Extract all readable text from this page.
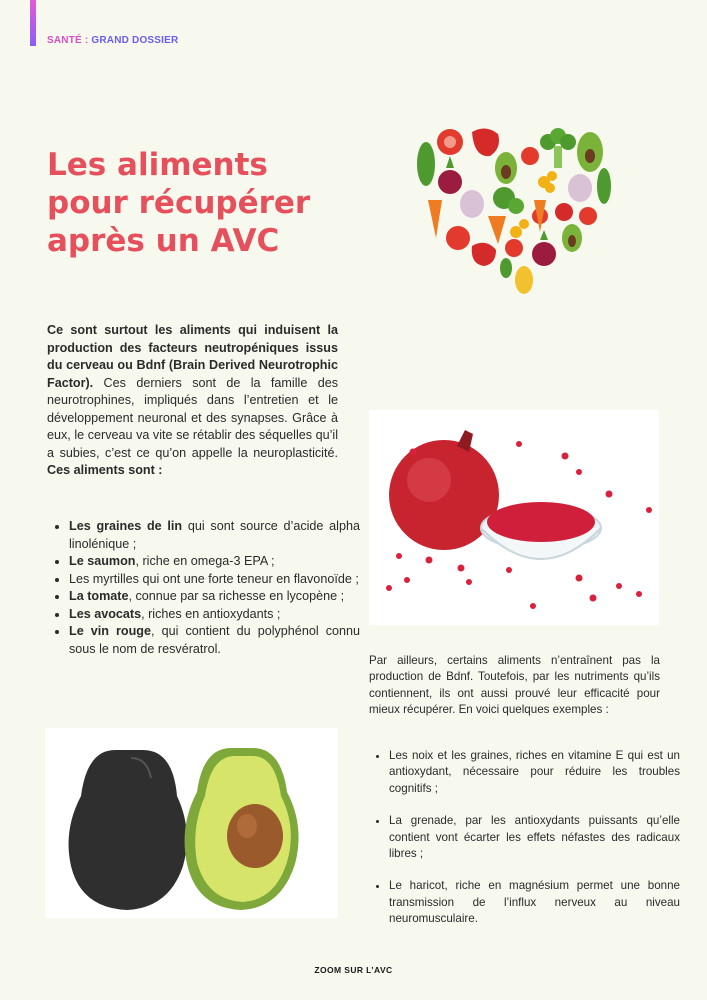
SANTÉ : GRAND DOSSIER
Les aliments
pour récupérer
après un AVC

Ce sont surtout les aliments qui induisent la production des facteurs neutropéniques issus du cerveau ou Bdnf (Brain Derived Neurotrophic Factor). Ces derniers sont de la famille des neurotrophines, impliqués dans l’entretien et le développement neuronal et des synapses. Grâce à eux, le cerveau va vite se rétablir des séquelles qu’il a subies, c’est ce qu’on appelle la neuroplasticité. Ces aliments sont :

• Les graines de lin qui sont source d’acide alpha linolénique ;
• Le saumon, riche en omega-3 EPA ;
• Les myrtilles qui ont une forte teneur en flavonoïde ;
• La tomate, connue par sa richesse en lycopène ;
• Les avocats, riches en antioxydants ;
• Le vin rouge, qui contient du polyphénol connu sous le nom de resvératrol.

Par ailleurs, certains aliments n’entraînent pas la production de Bdnf. Toutefois, par les nutriments qu’ils contiennent, ils ont aussi prouvé leur efficacité pour mieux récupérer. En voici quelques exemples :

• Les noix et les graines, riches en vitamine E qui est un antioxydant, nécessaire pour réduire les troubles cognitifs ;
• La grenade, par les antioxydants puissants qu’elle contient vont écarter les effets néfastes des radicaux libres ;
• Le haricot, riche en magnésium permet une bonne transmission de l’influx nerveux au niveau neuromusculaire.
ZOOM SUR L’AVC
